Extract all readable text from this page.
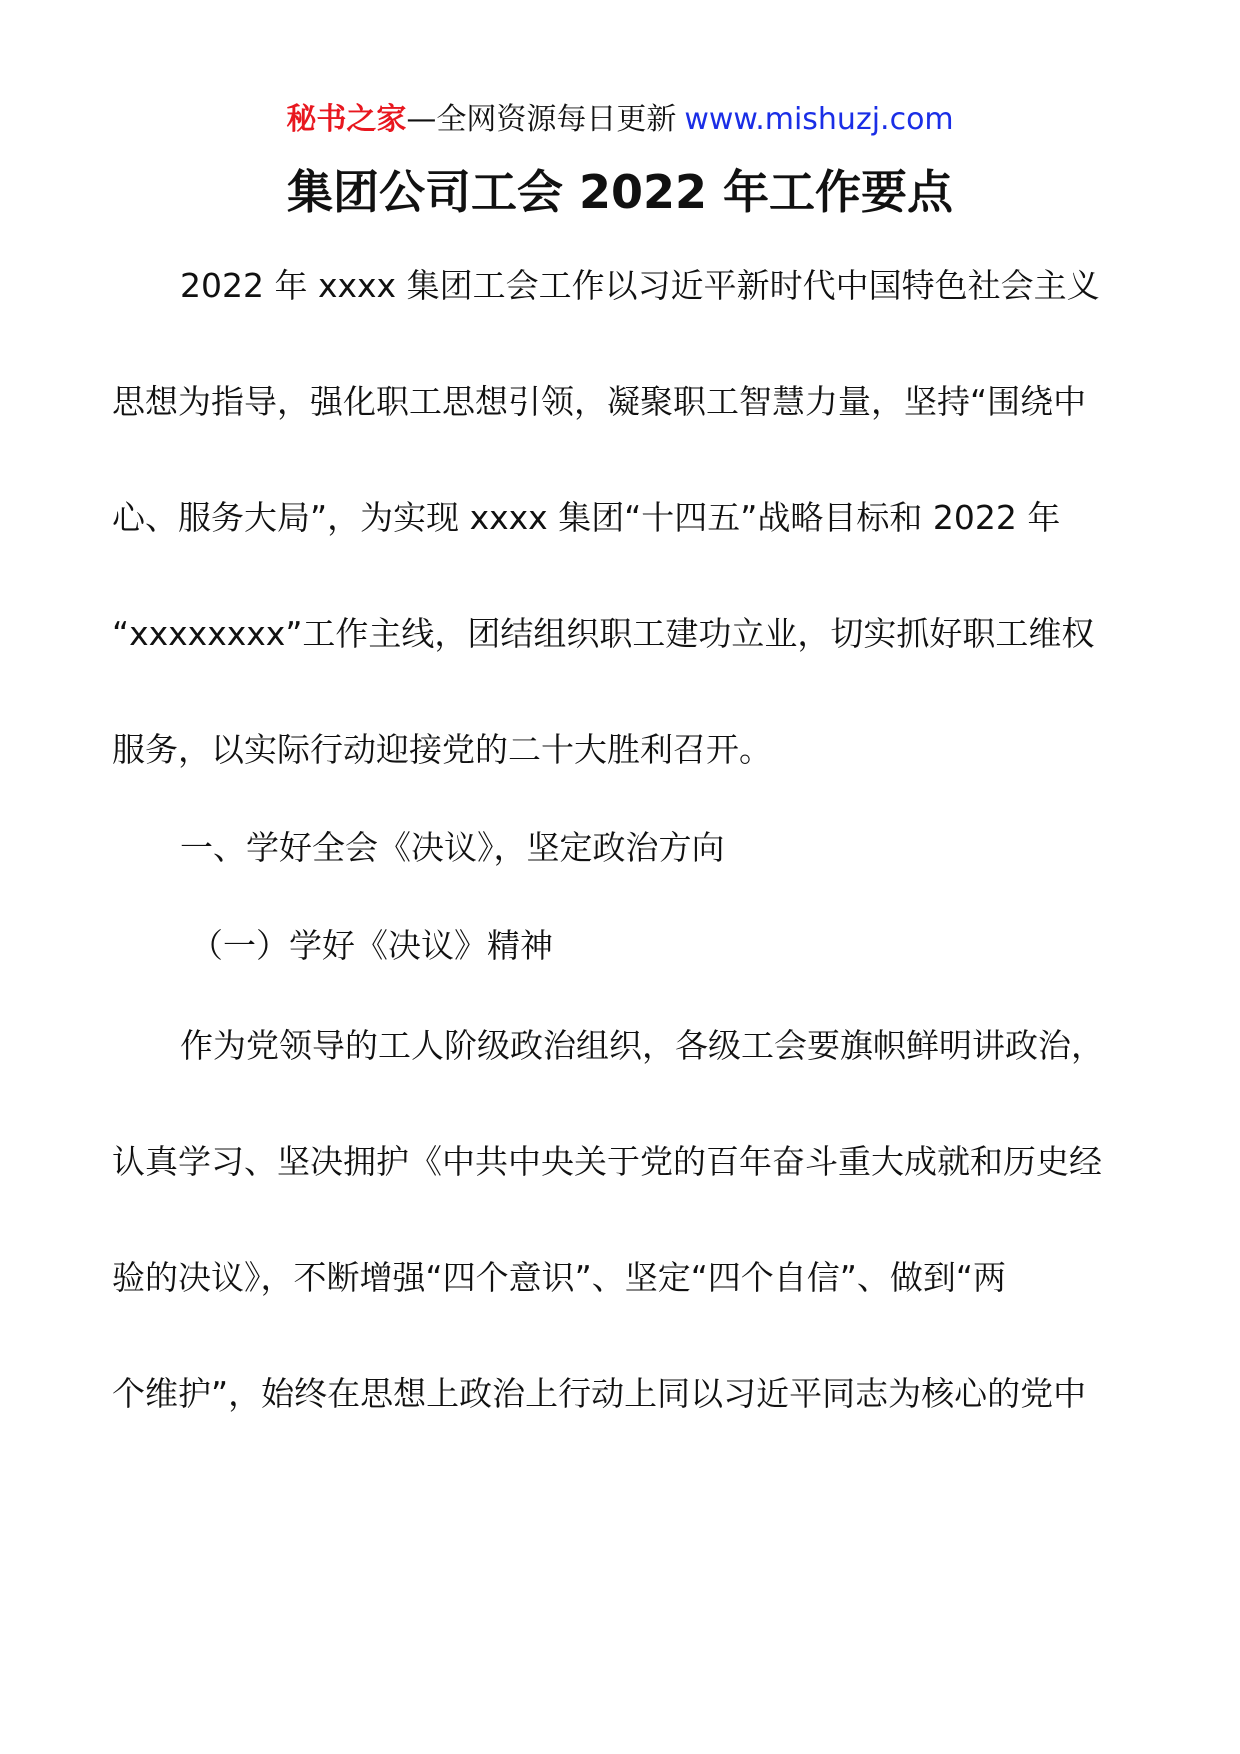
秘书之家—全网资源每日更新 www.mishuzj.com
集团公司工会 2022 年工作要点
2022 年 xxxx 集团工会工作以习近平新时代中国特色社会主义
思想为指导，强化职工思想引领，凝聚职工智慧力量，坚持“围绕中
心、服务大局”，为实现 xxxx 集团“十四五”战略目标和 2022 年
“xxxxxxxx”工作主线，团结组织职工建功立业，切实抓好职工维权
服务，以实际行动迎接党的二十大胜利召开。
一、学好全会《决议》，坚定政治方向
（一）学好《决议》精神
作为党领导的工人阶级政治组织，各级工会要旗帜鲜明讲政治，
认真学习、坚决拥护《中共中央关于党的百年奋斗重大成就和历史经
验的决议》，不断增强“四个意识”、坚定“四个自信”、做到“两
个维护”，始终在思想上政治上行动上同以习近平同志为核心的党中
